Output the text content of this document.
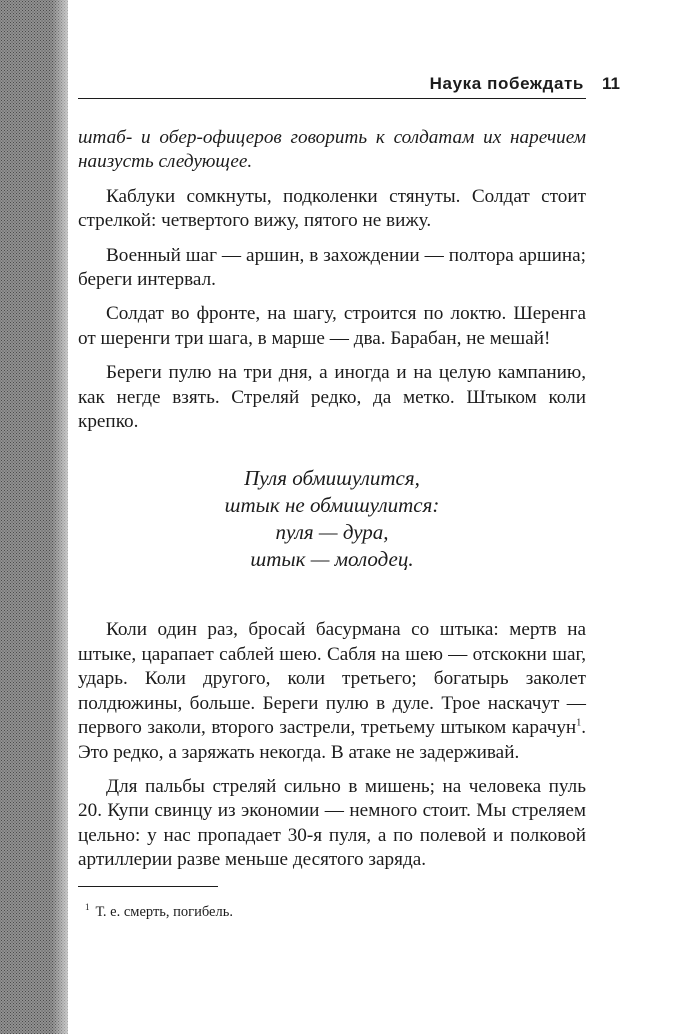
Наука побеждать 11

штаб- и обер-офицеров говорить к солдатам их наречием наизусть следующее.

Каблуки сомкнуты, подколенки стянуты. Солдат стоит стрелкой: четвертого вижу, пятого не вижу.

Военный шаг — аршин, в захождении — полтора аршина; береги интервал.

Солдат во фронте, на шагу, строится по локтю. Шеренга от шеренги три шага, в марше — два. Барабан, не мешай!

Береги пулю на три дня, а иногда и на целую кампанию, как негде взять. Стреляй редко, да метко. Штыком коли крепко.

Пуля обмишулится,
штык не обмишулится:
пуля — дура,
штык — молодец.

Коли один раз, бросай басурмана со штыка: мертв на штыке, царапает саблей шею. Сабля на шею — отскокни шаг, ударь. Коли другого, коли третьего; богатырь заколет полдюжины, больше. Береги пулю в дуле. Трое наскачут — первого заколи, второго застрели, третьему штыком карачун$^1$. Это редко, а заряжать некогда. В атаке не задерживай.

Для пальбы стреляй сильно в мишень; на человека пуль 20. Купи свинцу из экономии — немного стоит. Мы стреляем цельно: у нас пропадает 30-я пуля, а по полевой и полковой артиллерии разве меньше десятого заряда.

$^1$ Т. е. смерть, погибель.
